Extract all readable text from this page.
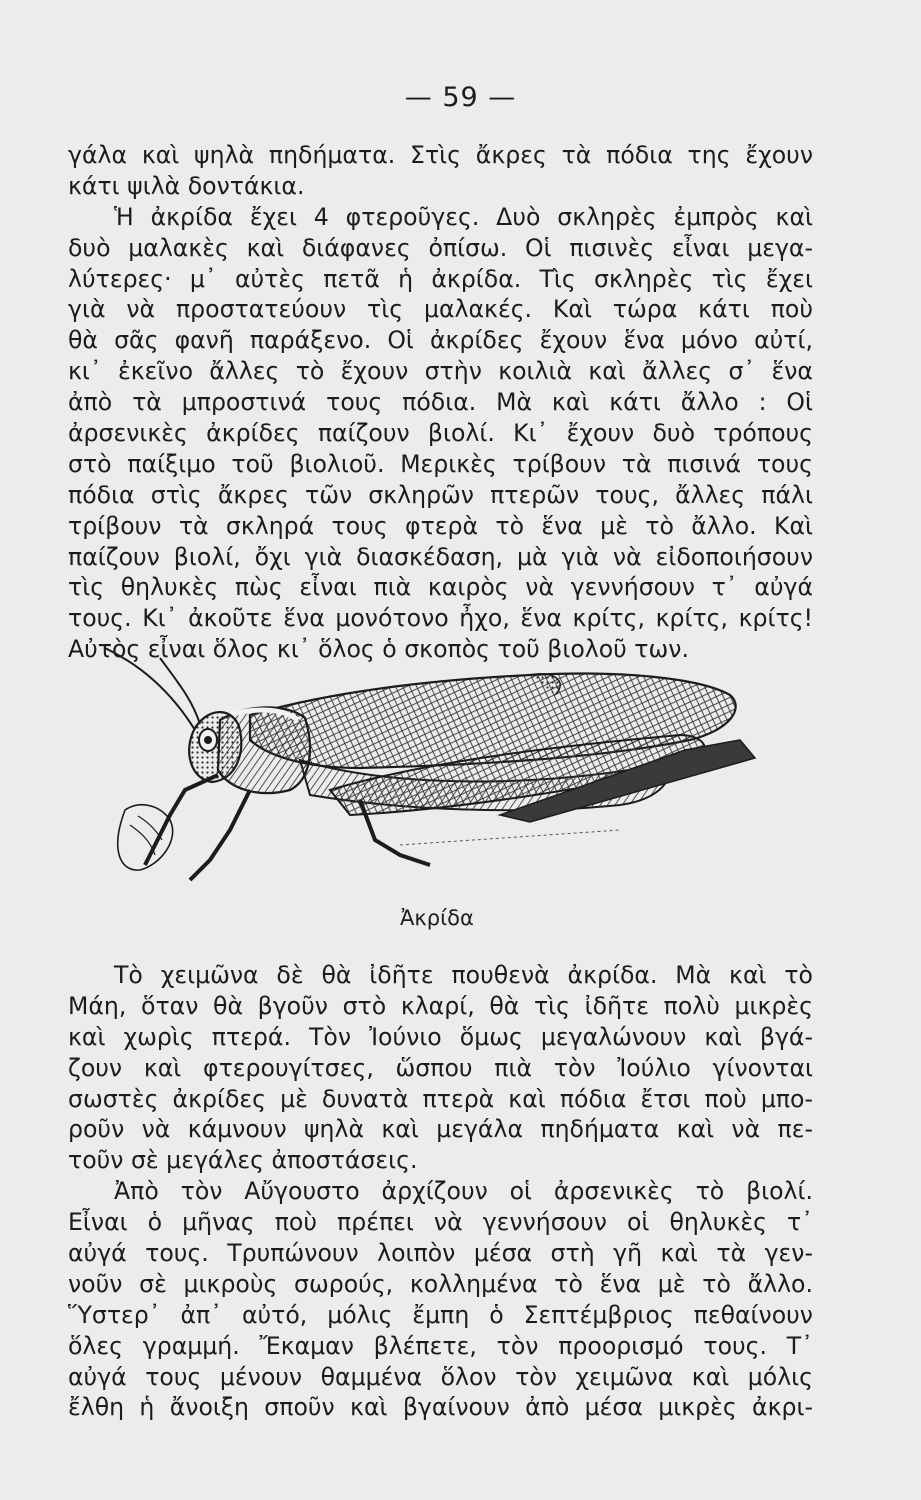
— 59 —
γάλα καὶ ψηλὰ πηδήματα. Στὶς ἄκρες τὰ πόδια της ἔχουν
κάτι ψιλὰ δοντάκια.
Ἡ ἀκρίδα ἔχει 4 φτεροῦγες. Δυὸ σκληρὲς ἐμπρὸς καὶ
δυὸ μαλακὲς καὶ διάφανες ὀπίσω. Οἱ πισινὲς εἶναι μεγα-
λύτερες· μ᾿ αὐτὲς πετᾶ ἡ ἀκρίδα. Τὶς σκληρὲς τὶς ἔχει
γιὰ νὰ προστατεύουν τὶς μαλακές. Καὶ τώρα κάτι ποὺ
θὰ σᾶς φανῆ παράξενο. Οἱ ἀκρίδες ἔχουν ἕνα μόνο αὐτί,
κι᾿ ἐκεῖνο ἄλλες τὸ ἔχουν στὴν κοιλιὰ καὶ ἄλλες σ᾿ ἕνα
ἀπὸ τὰ μπροστινά τους πόδια. Μὰ καὶ κάτι ἄλλο : Οἱ
ἀρσενικὲς ἀκρίδες παίζουν βιολί. Κι᾿ ἔχουν δυὸ τρόπους
στὸ παίξιμο τοῦ βιολιοῦ. Μερικὲς τρίβουν τὰ πισινά τους
πόδια στὶς ἄκρες τῶν σκληρῶν πτερῶν τους, ἄλλες πάλι
τρίβουν τὰ σκληρά τους φτερὰ τὸ ἕνα μὲ τὸ ἄλλο. Καὶ
παίζουν βιολί, ὄχι γιὰ διασκέδαση, μὰ γιὰ νὰ εἰδοποιήσουν
τὶς θηλυκὲς πὼς εἶναι πιὰ καιρὸς νὰ γεννήσουν τ᾿ αὐγά
τους. Κι᾿ ἀκοῦτε ἕνα μονότονο ἦχο, ἕνα κρίτς, κρίτς, κρίτς!
Αὐτὸς εἶναι ὅλος κι᾿ ὅλος ὁ σκοπὸς τοῦ βιολοῦ των.
Ἀκρίδα
Τὸ χειμῶνα δὲ θὰ ἰδῆτε πουθενὰ ἀκρίδα. Μὰ καὶ τὸ
Μάη, ὅταν θὰ βγοῦν στὸ κλαρί, θὰ τὶς ἰδῆτε πολὺ μικρὲς
καὶ χωρὶς πτερά. Τὸν Ἰούνιο ὅμως μεγαλώνουν καὶ βγά-
ζουν καὶ φτερουγίτσες, ὥσπου πιὰ τὸν Ἰούλιο γίνονται
σωστὲς ἀκρίδες μὲ δυνατὰ πτερὰ καὶ πόδια ἔτσι ποὺ μπο-
ροῦν νὰ κάμνουν ψηλὰ καὶ μεγάλα πηδήματα καὶ νὰ πε-
τοῦν σὲ μεγάλες ἀποστάσεις.
Ἀπὸ τὸν Αὔγουστο ἀρχίζουν οἱ ἀρσενικὲς τὸ βιολί.
Εἶναι ὁ μῆνας ποὺ πρέπει νὰ γεννήσουν οἱ θηλυκὲς τ᾿
αὐγά τους. Τρυπώνουν λοιπὸν μέσα στὴ γῆ καὶ τὰ γεν-
νοῦν σὲ μικροὺς σωρούς, κολλημένα τὸ ἕνα μὲ τὸ ἄλλο.
Ὕστερ᾿ ἀπ᾿ αὐτό, μόλις ἔμπη ὁ Σεπτέμβριος πεθαίνουν
ὅλες γραμμή. Ἔκαμαν βλέπετε, τὸν προορισμό τους. Τ᾿
αὐγά τους μένουν θαμμένα ὅλον τὸν χειμῶνα καὶ μόλις
ἔλθη ἡ ἄνοιξη σποῦν καὶ βγαίνουν ἀπὸ μέσα μικρὲς ἀκρι-
